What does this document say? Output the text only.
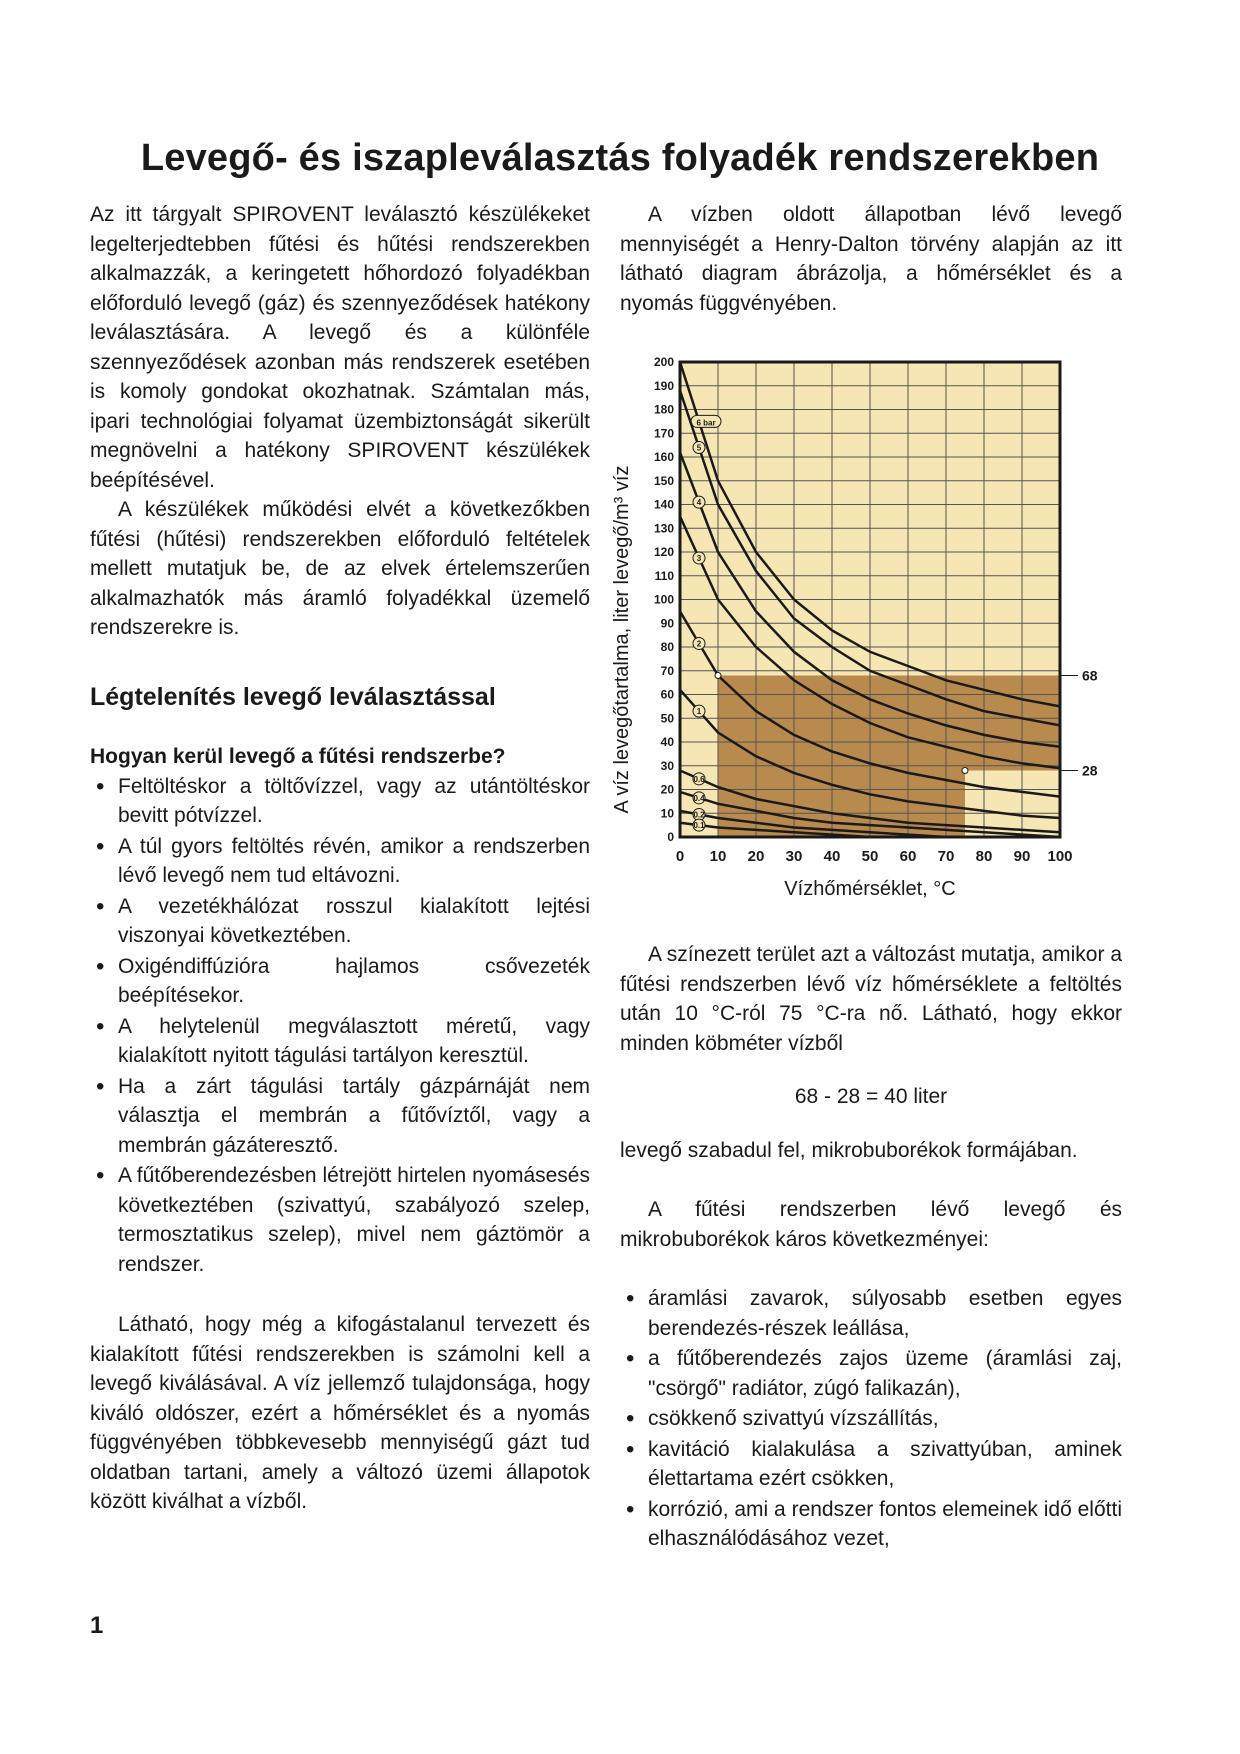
Levegő- és iszapleválasztás folyadék rendszerekben

Az itt tárgyalt SPIROVENT leválasztó készülékeket legelterjedtebben fűtési és hűtési rendszerekben alkalmazzák, a keringetett hőhordozó folyadékban előforduló levegő (gáz) és szennyeződések hatékony leválasztására. A levegő és a különféle szennyeződések azonban más rendszerek esetében is komoly gondokat okozhatnak. Számtalan más, ipari technológiai folyamat üzembiztonságát sikerült megnövelni a hatékony SPIROVENT készülékek beépítésével.

A készülékek működési elvét a következőkben fűtési (hűtési) rendszerekben előforduló feltételek mellett mutatjuk be, de az elvek értelemszerűen alkalmazhatók más áramló folyadékkal üzemelő rendszerekre is.

Légtelenítés levegő leválasztással

Hogyan kerül levegő a fűtési rendszerbe?

• Feltöltéskor a töltővízzel, vagy az utántöltéskor bevitt pótvízzel.
• A túl gyors feltöltés révén, amikor a rendszerben lévő levegő nem tud eltávozni.
• A vezetékhálózat rosszul kialakított lejtési viszonyai következtében.
• Oxigéndiffúzióra hajlamos csővezeték beépítésekor.
• A helytelenül megválasztott méretű, vagy kialakított nyitott tágulási tartályon keresztül.
• Ha a zárt tágulási tartály gázpárnáját nem választja el membrán a fűtővíztől, vagy a membrán gázáteresztő.
• A fűtőberendezésben létrejött hirtelen nyomásesés következtében (szivattyú, szabályozó szelep, termosztatikus szelep), mivel nem gáztömör a rendszer.

Látható, hogy még a kifogástalanul tervezett és kialakított fűtési rendszerekben is számolni kell a levegő kiválásával. A víz jellemző tulajdonsága, hogy kiváló oldószer, ezért a hőmérséklet és a nyomás függvényében többkevesebb mennyiségű gázt tud oldatban tartani, amely a változó üzemi állapotok között kiválhat a vízből.

A vízben oldott állapotban lévő levegő mennyiségét a Henry-Dalton törvény alapján az itt látható diagram ábrázolja, a hőmérséklet és a nyomás függvényében.

6 bar
5
4
3
2
1
0.6
0.4
0.2
0.1
68
28
0
10
20
30
40
50
60
70
80
90
100
110
120
130
140
150
160
170
180
190
200
0 10 20 30 40 50 60 70 80 90 100
Vízhőmérséklet, °C
A víz levegőtartalma, liter levegő/m³ víz

A színezett terület azt a változást mutatja, amikor a fűtési rendszerben lévő víz hőmérséklete a feltöltés után 10 °C-ról 75 °C-ra nő. Látható, hogy ekkor minden köbméter vízből

68 - 28 = 40 liter

levegő szabadul fel, mikrobuborékok formájában.

A fűtési rendszerben lévő levegő és mikrobuborékok káros következményei:

• áramlási zavarok, súlyosabb esetben egyes berendezés-részek leállása,
• a fűtőberendezés zajos üzeme (áramlási zaj, "csörgő" radiátor, zúgó falikazán),
• csökkenő szivattyú vízszállítás,
• kavitáció kialakulása a szivattyúban, aminek élettartama ezért csökken,
• korrózió, ami a rendszer fontos elemeinek idő előtti elhasználódásához vezet,
1
